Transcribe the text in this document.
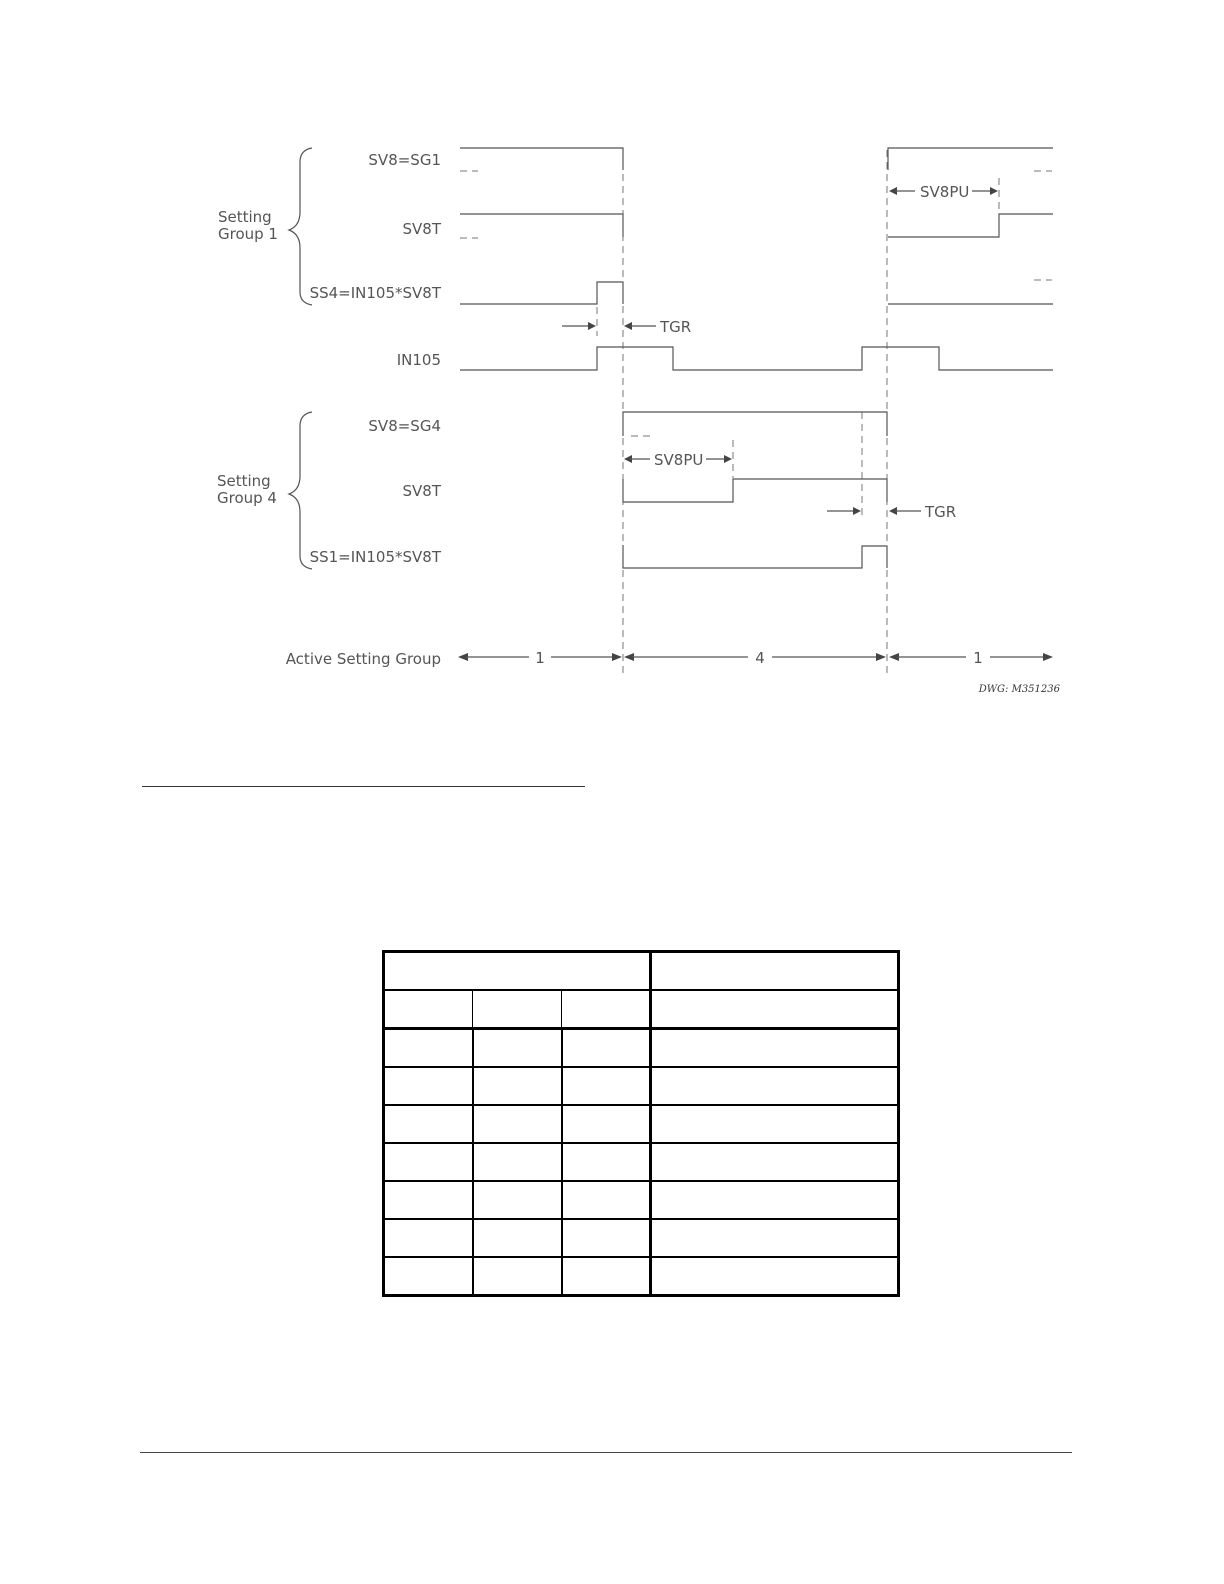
Setting
Group 1
Setting
Group 4
SV8=SG1
SV8T
SS4=IN105*SV8T
IN105
SV8=SG4
SV8T
SS1=IN105*SV8T
TGR
SV8PU
SV8PU
TGR
Active Setting Group	1	4	1
DWG: M351236
